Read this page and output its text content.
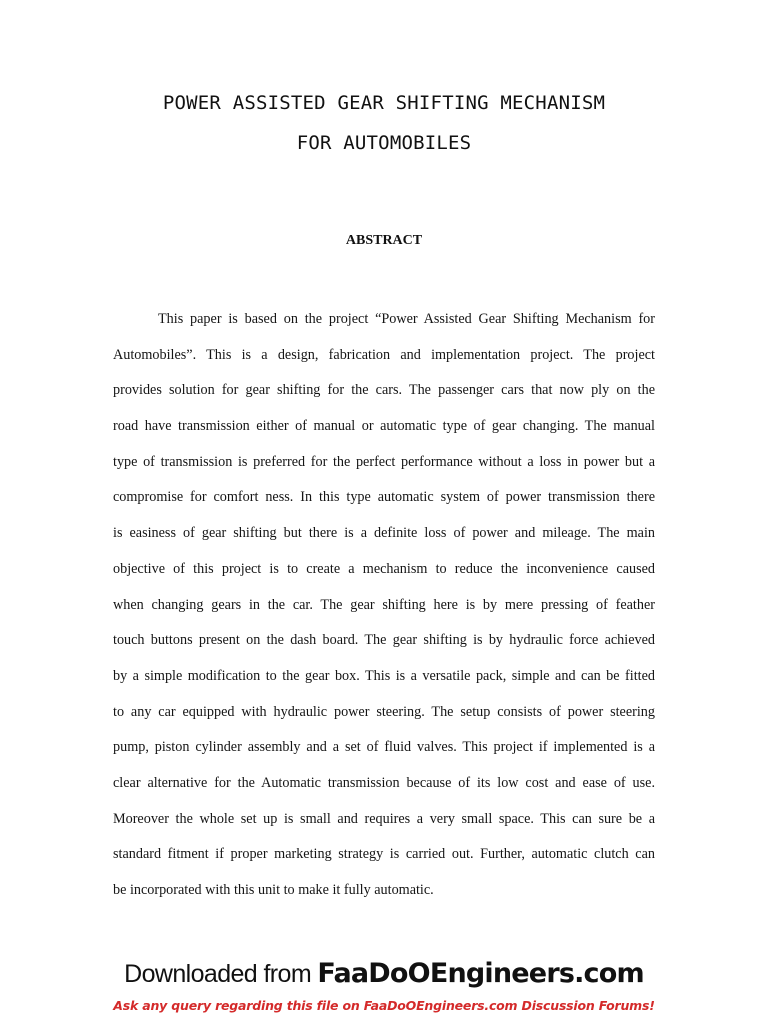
POWER ASSISTED GEAR SHIFTING MECHANISM
FOR AUTOMOBILES
ABSTRACT
This paper is based on the project “Power Assisted Gear Shifting Mechanism for
Automobiles”. This is a design, fabrication and implementation project. The project
provides solution for gear shifting for the cars. The passenger cars that now ply on the
road have transmission either of manual or automatic type of gear changing. The manual
type of transmission is preferred for the perfect performance without a loss in power but a
compromise for comfort ness. In this type automatic system of power transmission there
is easiness of gear shifting but there is a definite loss of power and mileage. The main
objective of this project is to create a mechanism to reduce the inconvenience caused
when changing gears in the car. The gear shifting here is by mere pressing of feather
touch buttons present on the dash board. The gear shifting is by hydraulic force achieved
by a simple modification to the gear box. This is a versatile pack, simple and can be fitted
to any car equipped with hydraulic power steering. The setup consists of power steering
pump, piston cylinder assembly and a set of fluid valves. This project if implemented is a
clear alternative for the Automatic transmission because of its low cost and ease of use.
Moreover the whole set up is small and requires a very small space. This can sure be a
standard fitment if proper marketing strategy is carried out. Further, automatic clutch can
be incorporated with this unit to make it fully automatic.
Downloaded from FaaDoOEngineers.com
Ask any query regarding this file on FaaDoOEngineers.com Discussion Forums!
